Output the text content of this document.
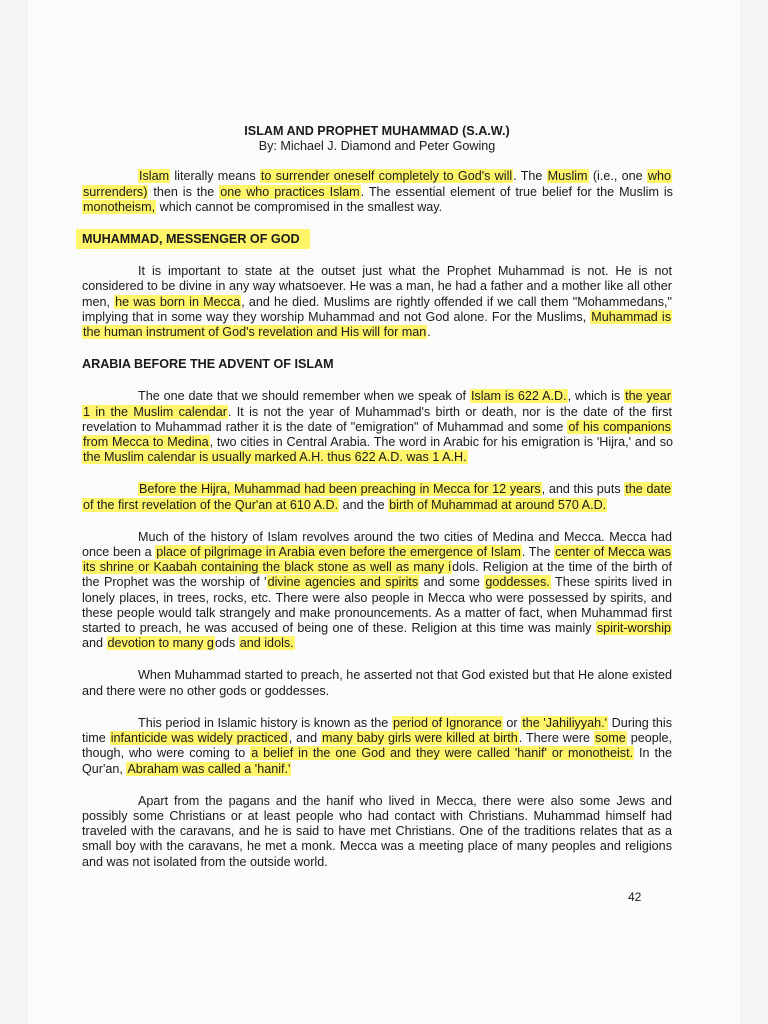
ISLAM AND PROPHET MUHAMMAD (S.A.W.)
By: Michael J. Diamond and Peter Gowing

Islam literally means to surrender oneself completely to God's will. The Muslim (i.e., one who surrenders) then is the one who practices Islam. The essential element of true belief for the Muslim is monotheism, which cannot be compromised in the smallest way.

MUHAMMAD, MESSENGER OF GOD

It is important to state at the outset just what the Prophet Muhammad is not. He is not considered to be divine in any way whatsoever. He was a man, he had a father and a mother like all other men, he was born in Mecca, and he died. Muslims are rightly offended if we call them "Mohammedans," implying that in some way they worship Muhammad and not God alone. For the Muslims, Muhammad is the human instrument of God's revelation and His will for man.

ARABIA BEFORE THE ADVENT OF ISLAM

The one date that we should remember when we speak of Islam is 622 A.D., which is the year 1 in the Muslim calendar. It is not the year of Muhammad's birth or death, nor is the date of the first revelation to Muhammad rather it is the date of "emigration" of Muhammad and some of his companions from Mecca to Medina, two cities in Central Arabia. The word in Arabic for his emigration is 'Hijra,' and so the Muslim calendar is usually marked A.H. thus 622 A.D. was 1 A.H.

Before the Hijra, Muhammad had been preaching in Mecca for 12 years, and this puts the date of the first revelation of the Qur'an at 610 A.D. and the birth of Muhammad at around 570 A.D.

Much of the history of Islam revolves around the two cities of Medina and Mecca. Mecca had once been a place of pilgrimage in Arabia even before the emergence of Islam. The center of Mecca was its shrine or Kaabah containing the black stone as well as many idols. Religion at the time of the birth of the Prophet was the worship of 'divine agencies and spirits and some goddesses. These spirits lived in lonely places, in trees, rocks, etc. There were also people in Mecca who were possessed by spirits, and these people would talk strangely and make pronouncements. As a matter of fact, when Muhammad first started to preach, he was accused of being one of these. Religion at this time was mainly spirit-worship and devotion to many gods and idols.

When Muhammad started to preach, he asserted not that God existed but that He alone existed and there were no other gods or goddesses.

This period in Islamic history is known as the period of Ignorance or the 'Jahiliyyah.' During this time infanticide was widely practiced, and many baby girls were killed at birth. There were some people, though, who were coming to a belief in the one God and they were called 'hanif' or monotheist. In the Qur'an, Abraham was called a 'hanif.'

Apart from the pagans and the hanif who lived in Mecca, there were also some Jews and possibly some Christians or at least people who had contact with Christians. Muhammad himself had traveled with the caravans, and he is said to have met Christians. One of the traditions relates that as a small boy with the caravans, he met a monk. Mecca was a meeting place of many peoples and religions and was not isolated from the outside world.

42
